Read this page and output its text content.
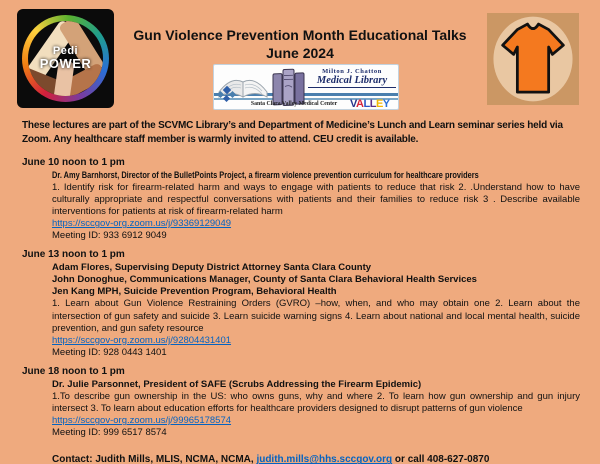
Pedi
POWER
Gun Violence Prevention Month Educational Talks
June 2024
Milton J. Chatton
Medical Library
Santa Clara Valley Medical Center	VALLEY
These lectures are part of the SCVMC Library’s and Department of Medicine’s Lunch and Learn seminar series held via Zoom. Any healthcare staff member is warmly invited to attend. CEU credit is available.
June 10 noon to 1 pm
Dr. Amy Barnhorst, Director of the BulletPoints Project, a firearm violence prevention curriculum for healthcare providers
1. Identify risk for firearm-related harm and ways to engage with patients to reduce that risk 2. .Understand how to have culturally appropriate and respectful conversations with patients and their families to reduce risk 3 . Describe available interventions for patients at risk of firearm-related harm
https://sccgov-org.zoom.us/j/93369129049
Meeting ID: 933 6912 9049
June 13 noon to 1 pm
Adam Flores, Supervising Deputy District Attorney Santa Clara County
John Donoghue, Communications Manager, County of Santa Clara Behavioral Health Services
Jen Kang MPH, Suicide Prevention Program, Behavioral Health
1. Learn about Gun Violence Restraining Orders (GVRO) –how, when, and who may obtain one 2. Learn about the intersection of gun safety and suicide 3. Learn suicide warning signs 4. Learn about national and local mental health, suicide prevention, and gun safety resource
https://sccgov-org.zoom.us/j/92804431401
Meeting ID: 928 0443 1401
June 18 noon to 1 pm
Dr. Julie Parsonnet, President of SAFE (Scrubs Addressing the Firearm Epidemic)
1.To describe gun ownership in the US: who owns guns, why and where 2. To learn how gun ownership and gun injury intersect 3. To learn about education efforts for healthcare providers designed to disrupt patterns of gun violence
https://sccgov-org.zoom.us/j/99965178574
Meeting ID: 999 6517 8574
Contact: Judith Mills, MLIS, NCMA, NCMA, judith.mills@hhs.sccgov.org or call 408-627-0870
